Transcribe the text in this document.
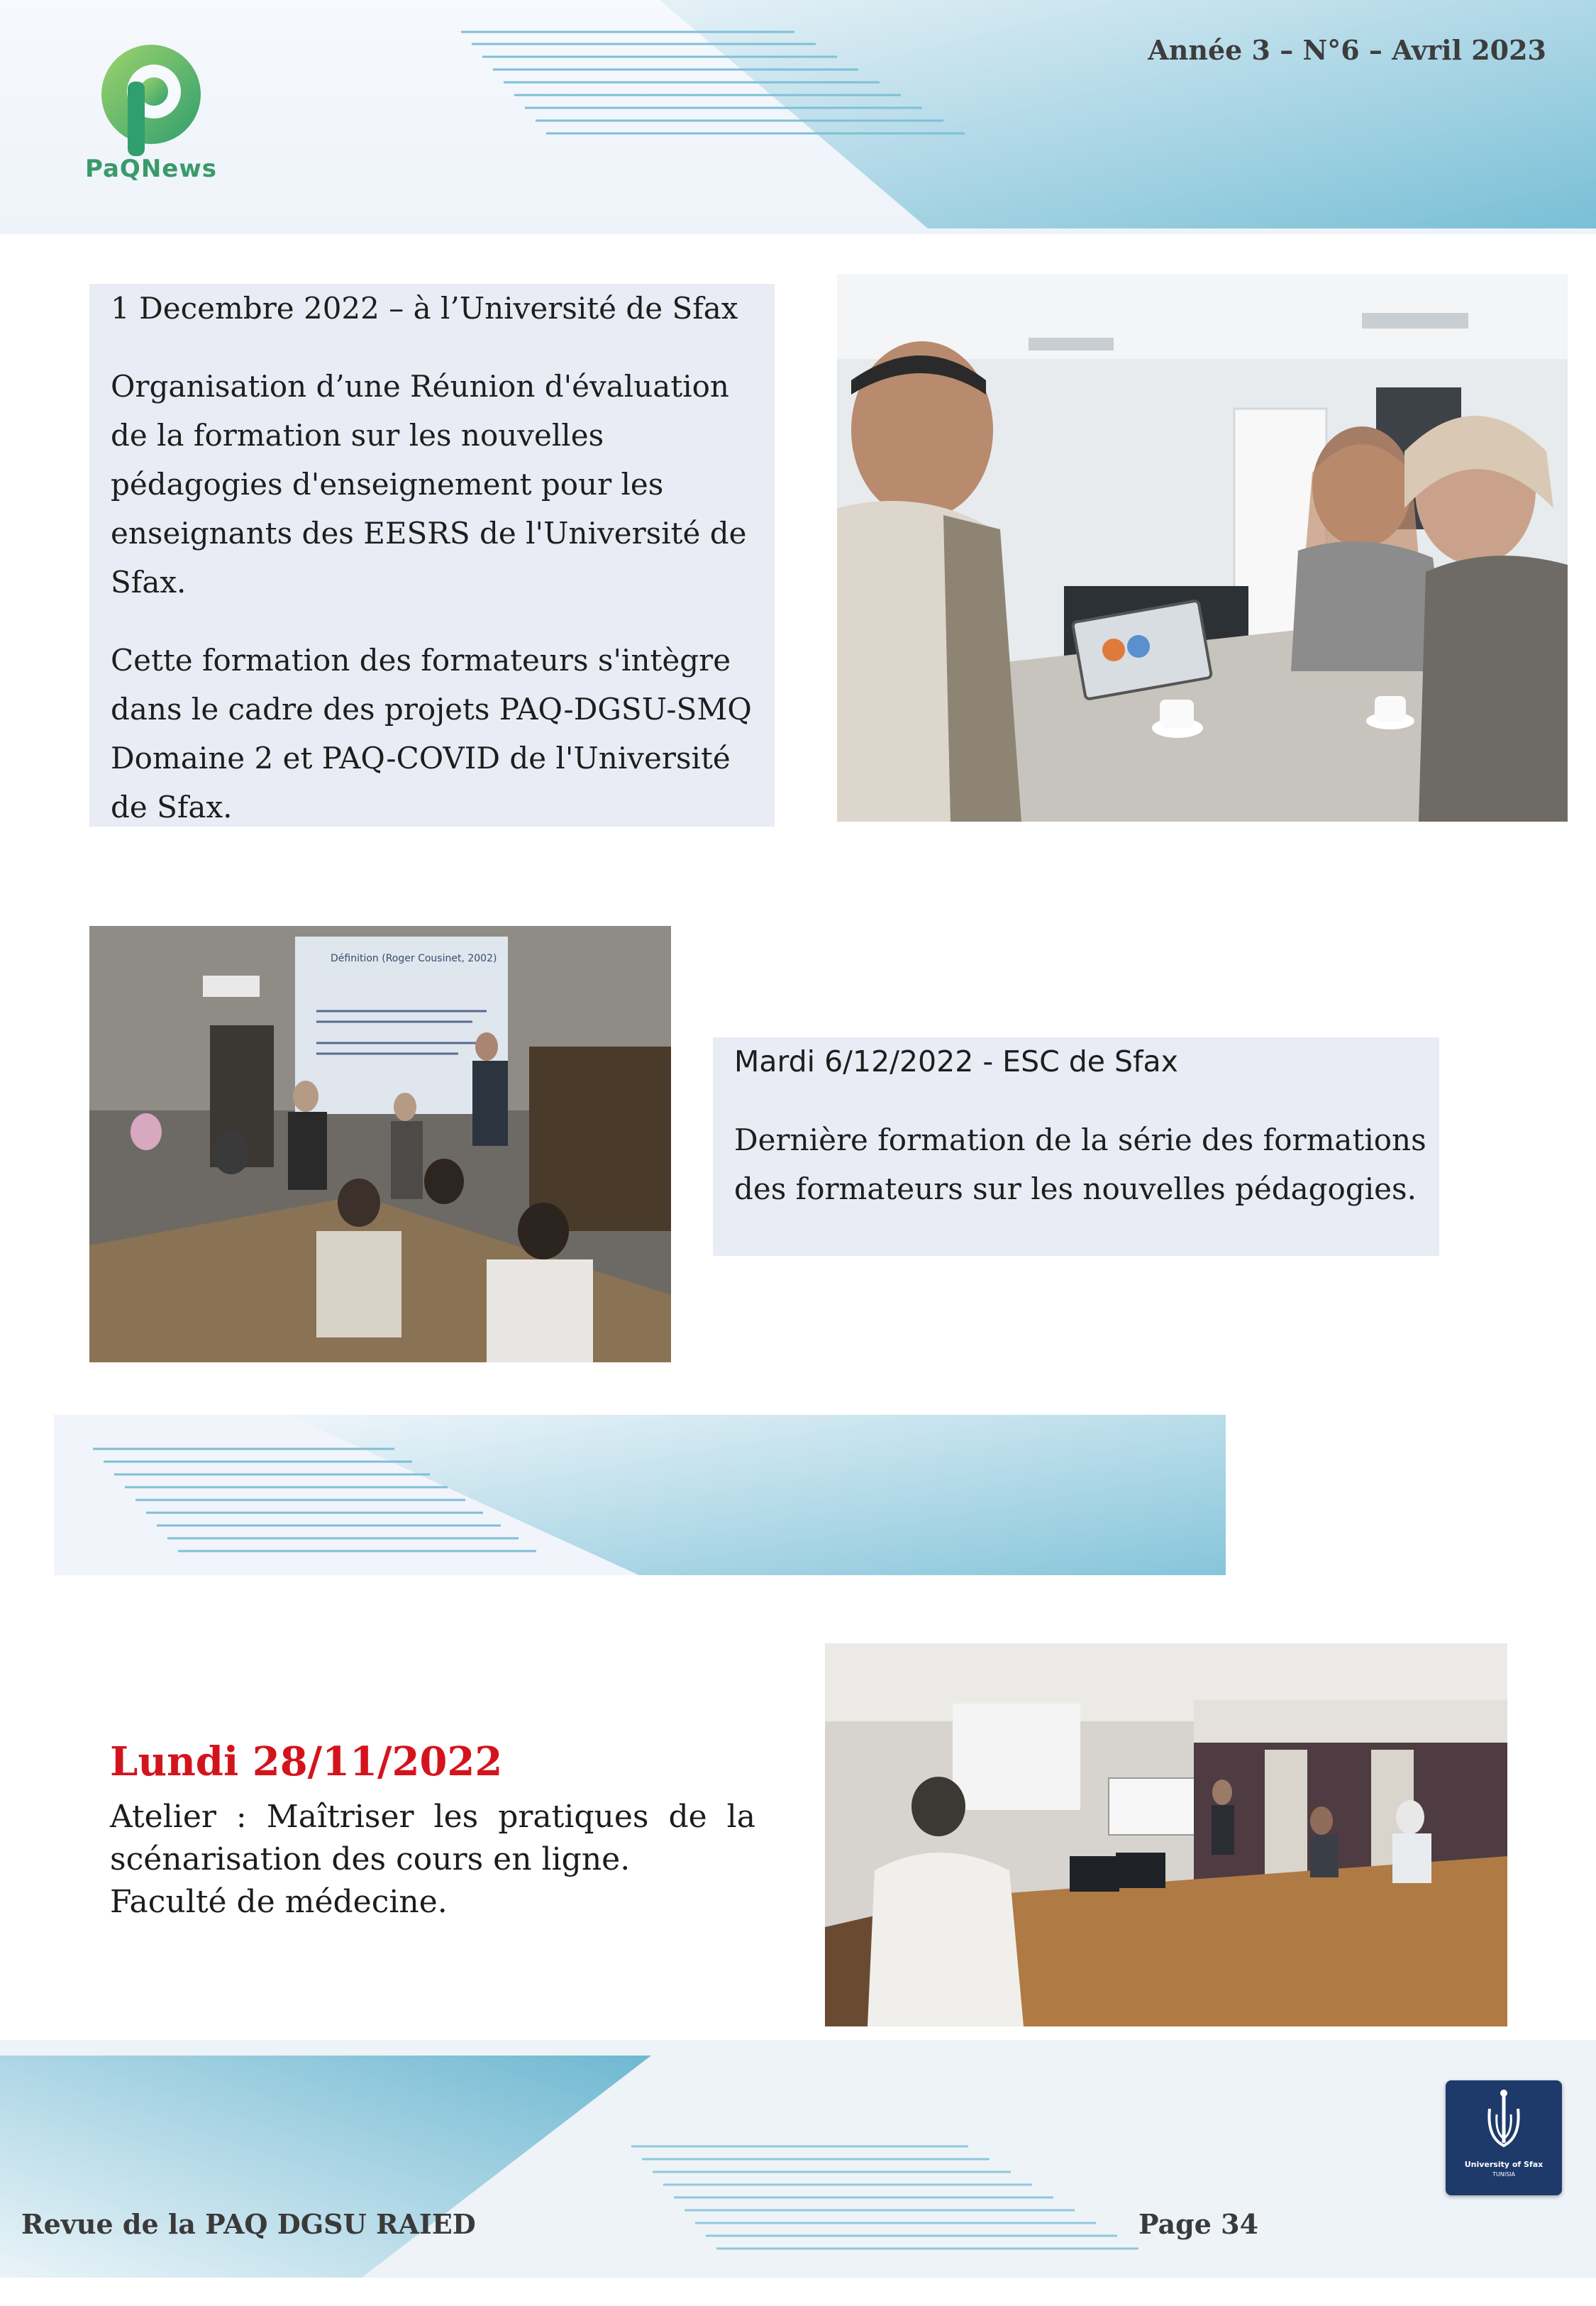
PaQNews
Année 3 – N°6 – Avril 2023

1 Decembre 2022 – à l’Université de Sfax

Organisation d’une Réunion d'évaluation de la formation sur les nouvelles pédagogies d'enseignement pour les enseignants des EESRS de l'Université de Sfax.

Cette formation des formateurs s'intègre dans le cadre des projets PAQ-DGSU-SMQ Domaine 2 et PAQ-COVID de l'Université de Sfax.

Définition (Roger Cousinet, 2002)

Mardi 6/12/2022 - ESC de Sfax

Dernière formation de la série des formations des formateurs sur les nouvelles pédagogies.

Lundi 28/11/2022
Atelier : Maîtriser les pratiques de la scénarisation des cours en ligne.
Faculté de médecine.
Revue de la PAQ DGSU RAIED	Page 34
University of Sfax
TUNISIA
